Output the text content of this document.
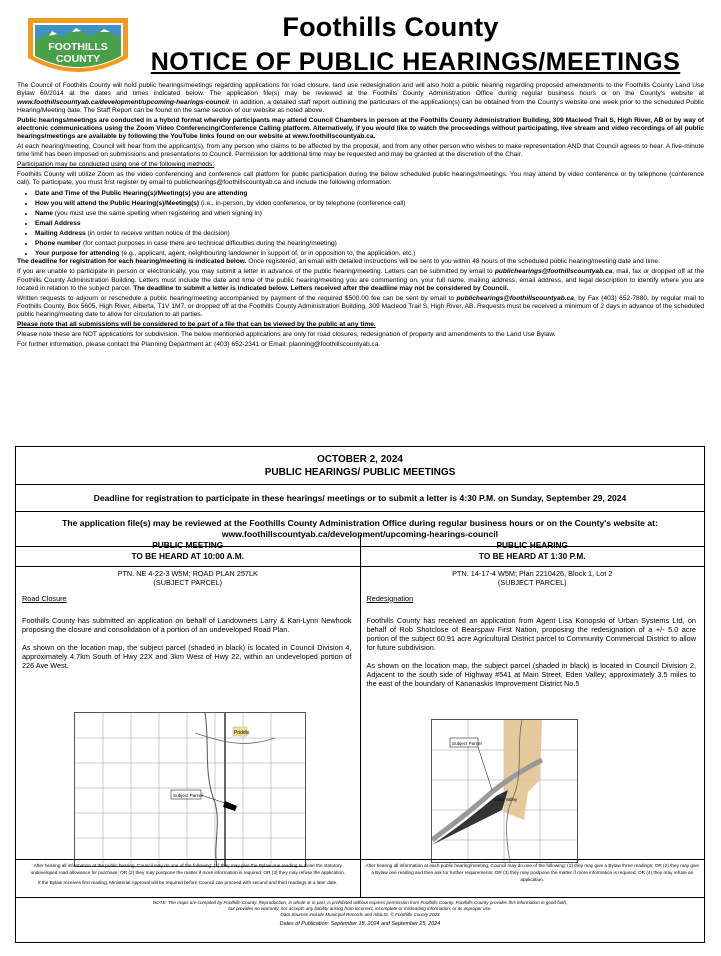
FOOTHILLS
COUNTY
Foothills County
NOTICE OF PUBLIC HEARINGS/MEETINGS

The Council of Foothills County will hold public hearings/meetings regarding applications for road closure, land use redesignation and will also hold a public hearing regarding proposed amendments to the Foothills County Land Use Bylaw 60/2014 at the dates and times indicated below. The application file(s) may be reviewed at the Foothills County Administration Office during regular business hours or on the County's website at www.foothillscountyab.ca/development/upcoming-hearings-council. In addition, a detailed staff report outlining the particulars of the application(s) can be obtained from the County's website one week prior to the scheduled Public Hearing/Meeting date. The Staff Report can be found on the same section of our website as noted above.

Public hearings/meetings are conducted in a hybrid format whereby participants may attend Council Chambers in person at the Foothills County Administration Building, 309 Macleod Trail S, High River, AB or by way of electronic communications using the Zoom Video Conferencing/Conference Calling platform. Alternatively, if you would like to watch the proceedings without participating, live stream and video recordings of all public hearings/meetings are available by following the YouTube links found on our website at www.foothillscountyab.ca.

At each hearing/meeting, Council will hear from the applicant(s), from any person who claims to be affected by the proposal, and from any other person who wishes to make representation AND that Council agrees to hear. A five-minute time limit has been imposed on submissions and presentations to Council. Permission for additional time may be requested and may be granted at the discretion of the Chair.

Participation may be conducted using one of the following methods:

Foothills County will utilize Zoom as the video conferencing and conference call platform for public participation during the below scheduled public hearings/meetings. You may attend by video conference or by telephone (conference call). To participate, you must first register by email to publichearings@foothillscountyab.ca and include the following information:

• Date and Time of the Public Hearing(s)/Meeting(s) you are attending
• How you will attend the Public Hearing(s)/Meeting(s) (i.e., in-person, by video conference, or by telephone (conference call)
• Name (you must use the same spelling when registering and when signing in)
• Email Address
• Mailing Address (in order to receive written notice of the decision)
• Phone number (for contact purposes in case there are technical difficulties during the hearing/meeting)
• Your purpose for attending (e.g., applicant, agent, neighbouring landowner in support of, or in opposition to, the application, etc.)

The deadline for registration for each hearing/meeting is indicated below. Once registered, an email with detailed instructions will be sent to you within 48 hours of the scheduled public hearing/meeting date and time.

If you are unable to participate in person or electronically, you may submit a letter in advance of the public hearing/meeting. Letters can be submitted by email to publichearings@foothillscountyab.ca, mail, fax or dropped off at the Foothills County Administration Building. Letters must include the date and time of the public hearing/meeting you are commenting on, your full name, mailing address, email address, and legal description to identify where you are located in relation to the subject parcel. The deadline to submit a letter is indicated below. Letters received after the deadline may not be considered by Council.

Written requests to adjourn or reschedule a public hearing/meeting accompanied by payment of the required $500.00 fee can be sent by email to publichearings@foothillscountyab.ca, by Fax (403) 652-7880, by regular mail to Foothills County, Box 5605, High River, Alberta, T1V 1M7, or dropped off at the Foothills County Administration Building, 309 Macleod Trail S, High River, AB. Requests must be received a minimum of 2 days in advance of the scheduled public hearing/meeting date to allow for circulation to all parties.

Please note that all submissions will be considered to be part of a file that can be viewed by the public at any time.

Please note these are NOT applications for subdivision. The below mentioned applications are only for road closures, redesignation of property and amendments to the Land Use Bylaw.

For further information, please contact the Planning Department at: (403) 652-2341 or Email: planning@foothillscountyab.ca.

OCTOBER 2, 2024
PUBLIC HEARINGS/ PUBLIC MEETINGS
Deadline for registration to participate in these hearings/ meetings or to submit a letter is 4:30 P.M. on Sunday, September 29, 2024
The application file(s) may be reviewed at the Foothills County Administration Office during regular business hours or on the County's website at:
www.foothillscountyab.ca/development/upcoming-hearings-council
PUBLIC MEETING
TO BE HEARD AT 10:00 A.M.
PTN. NE 4-22-3 W5M; ROAD PLAN 257LK
(SUBJECT PARCEL)
Road Closure

Foothills County has submitted an application on behalf of Landowners Larry & Kari-Lynn Newhook proposing the closure and consolidation of a portion of an undeveloped Road Plan.

As shown on the location map, the subject parcel (shaded in black) is located in Council Division 4, approximately 4.7km South of Hwy 22X and 3km West of Hwy 22, within an undeveloped portion of 226 Ave West.

Priddis
Subject Parcel
After hearing all information at the public hearing, Council may do one of the following: (1) they may give the Bylaw one reading to close the statutory undeveloped road allowance for purchase; OR (2) they may postpone the matter if more information is required; OR (3) they may refuse the application.
If the Bylaw receives first reading, Ministerial Approval will be required before Council can proceed with second and third readings at a later date.
PUBLIC HEARING
TO BE HEARD AT 1:30 P.M.
PTN. 14-17-4 W5M; Plan 2210426, Block 1, Lot 2
(SUBJECT PARCEL)
Redesignation

Foothills County has received an application from Agent Lisa Konopski of Urban Systems Ltd, on behalf of Rob Shotclose of Bearspaw First Nation, proposing the redesignation of a +/- 5.0 acre portion of the subject 60.91 acre Agricultural District parcel to Community Commercial District to allow for future subdivision.

As shown on the location map, the subject parcel (shaded in black) is located in Council Division 2, Adjacent to the south side of Highway #541 at Main Street, Eden Valley; approximately 3.5 miles to the east of the boundary of Kananaskis Improvement District No.5

Subject Parcel
Eden Valley
After hearing all information at each public hearing/meeting, Council may do one of the following: (1) they may give a Bylaw three readings; OR (2) they may give a Bylaw one reading and then ask for further requirements; OR (3) they may postpone the matter if more information is required; OR (4) they may refuse an application.
NOTE: The maps are compiled by Foothills County. Reproduction, in whole or in part, is prohibited without express permission from Foothills County. Foothills County provides this information in good faith,
but provides no warranty, nor accepts any liability arising from incorrect, incomplete or misleading information, or its improper use.
Data Sources include Municipal Records and AltaLIS. © Foothills County 2023
Dates of Publication: September 18, 2024 and September 25, 2024
